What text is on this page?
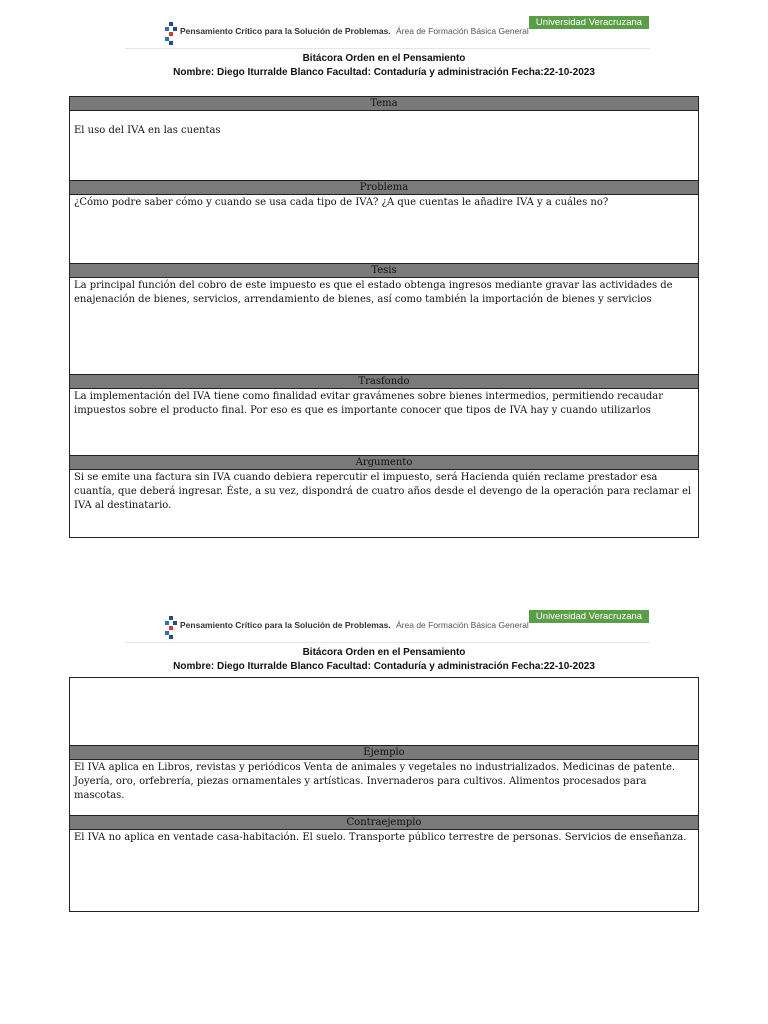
Pensamiento Crítico para la Solución de Problemas. Área de Formación Básica General
Universidad Veracruzana
Bitácora Orden en el Pensamiento
Nombre: Diego Iturralde Blanco Facultad: Contaduría y administración Fecha:22-10-2023
Tema
El uso del IVA en las cuentas
Problema
¿Cómo podre saber cómo y cuando se usa cada tipo de IVA? ¿A que cuentas le añadire IVA y a cuáles no?
Tesis
La principal función del cobro de este impuesto es que el estado obtenga ingresos mediante gravar las actividades de enajenación de bienes, servicios, arrendamiento de bienes, así como también la importación de bienes y servicios
Trasfondo
La implementación del IVA tiene como finalidad evitar gravámenes sobre bienes intermedios, permitiendo recaudar impuestos sobre el producto final. Por eso es que es importante conocer que tipos de IVA hay y cuando utilizarlos
Argumento
Si se emite una factura sin IVA cuando debiera repercutir el impuesto, será Hacienda quién reclame prestador esa cuantía, que deberá ingresar. Éste, a su vez, dispondrá de cuatro años desde el devengo de la operación para reclamar el IVA al destinatario.
Pensamiento Crítico para la Solución de Problemas. Área de Formación Básica General
Universidad Veracruzana
Bitácora Orden en el Pensamiento
Nombre: Diego Iturralde Blanco Facultad: Contaduría y administración Fecha:22-10-2023
Ejemplo
El IVA aplica en Libros, revistas y periódicos Venta de animales y vegetales no industrializados. Medicinas de patente. Joyería, oro, orfebrería, piezas ornamentales y artísticas. Invernaderos para cultivos. Alimentos procesados para mascotas.
Contraejemplo
El IVA no aplica en ventade casa-habitación. El suelo. Transporte público terrestre de personas. Servicios de enseñanza.
